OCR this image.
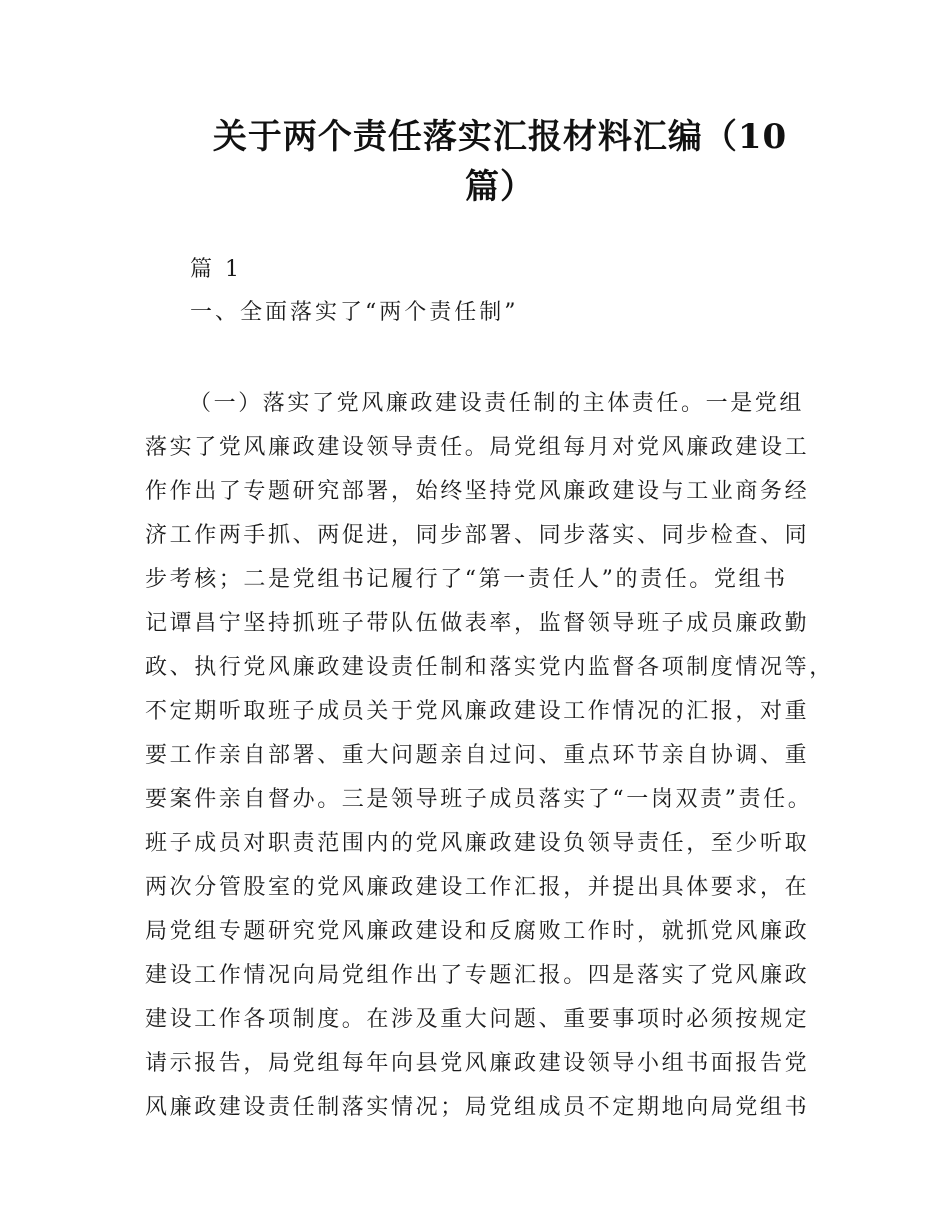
关于两个责任落实汇报材料汇编（10
篇）
篇 1
一、全面落实了“两个责任制”
（一）落实了党风廉政建设责任制的主体责任。一是党组
落实了党风廉政建设领导责任。局党组每月对党风廉政建设工
作作出了专题研究部署，始终坚持党风廉政建设与工业商务经
济工作两手抓、两促进，同步部署、同步落实、同步检查、同
步考核；二是党组书记履行了“第一责任人”的责任。党组书
记谭昌宁坚持抓班子带队伍做表率，监督领导班子成员廉政勤
政、执行党风廉政建设责任制和落实党内监督各项制度情况等，
不定期听取班子成员关于党风廉政建设工作情况的汇报，对重
要工作亲自部署、重大问题亲自过问、重点环节亲自协调、重
要案件亲自督办。三是领导班子成员落实了“一岗双责”责任。
班子成员对职责范围内的党风廉政建设负领导责任，至少听取
两次分管股室的党风廉政建设工作汇报，并提出具体要求，在
局党组专题研究党风廉政建设和反腐败工作时，就抓党风廉政
建设工作情况向局党组作出了专题汇报。四是落实了党风廉政
建设工作各项制度。在涉及重大问题、重要事项时必须按规定
请示报告，局党组每年向县党风廉政建设领导小组书面报告党
风廉政建设责任制落实情况；局党组成员不定期地向局党组书
